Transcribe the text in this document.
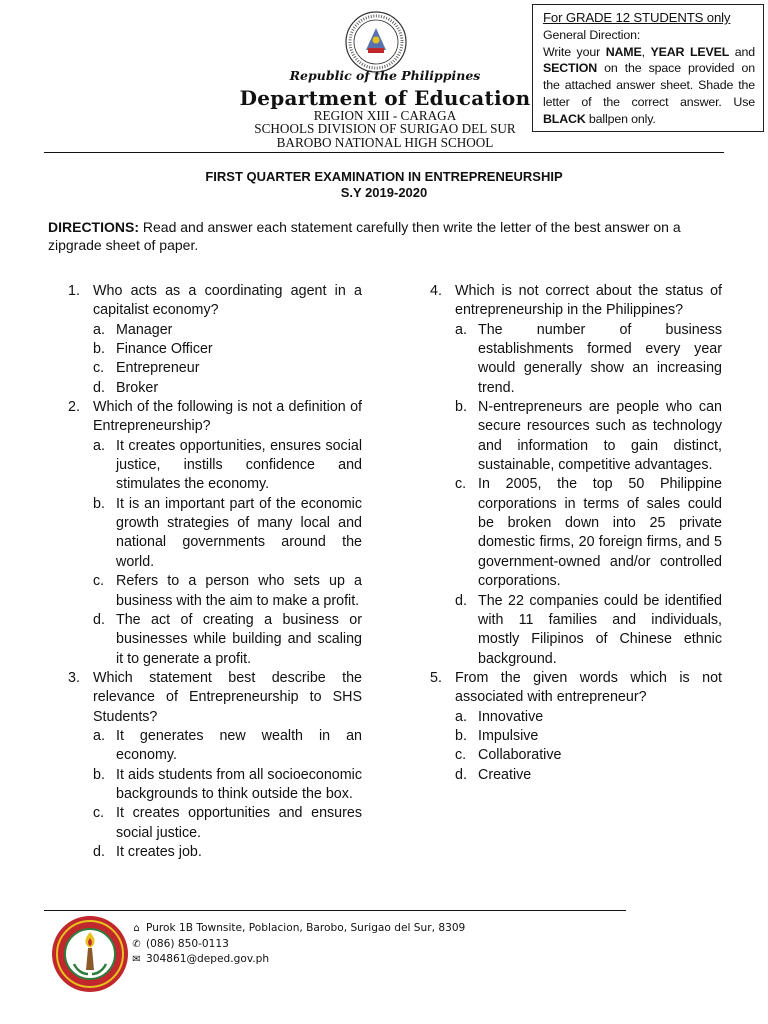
Republic of the Philippines
Department of Education
REGION XIII - CARAGA
SCHOOLS DIVISION OF SURIGAO DEL SUR
BAROBO NATIONAL HIGH SCHOOL
For GRADE 12 STUDENTS only
General Direction:
Write your NAME, YEAR LEVEL and SECTION on the space provided on the attached answer sheet. Shade the letter of the correct answer. Use BLACK ballpen only.
FIRST QUARTER EXAMINATION IN ENTREPRENEURSHIP
S.Y 2019-2020
DIRECTIONS: Read and answer each statement carefully then write the letter of the best answer on a zipgrade sheet of paper.
1. Who acts as a coordinating agent in a capitalist economy?
a. Manager
b. Finance Officer
c. Entrepreneur
d. Broker
2. Which of the following is not a definition of Entrepreneurship?
a. It creates opportunities, ensures social justice, instills confidence and stimulates the economy.
b. It is an important part of the economic growth strategies of many local and national governments around the world.
c. Refers to a person who sets up a business with the aim to make a profit.
d. The act of creating a business or businesses while building and scaling it to generate a profit.
3. Which statement best describe the relevance of Entrepreneurship to SHS Students?
a. It generates new wealth in an economy.
b. It aids students from all socioeconomic backgrounds to think outside the box.
c. It creates opportunities and ensures social justice.
d. It creates job.
4. Which is not correct about the status of entrepreneurship in the Philippines?
a. The number of business establishments formed every year would generally show an increasing trend.
b. N-entrepreneurs are people who can secure resources such as technology and information to gain distinct, sustainable, competitive advantages.
c. In 2005, the top 50 Philippine corporations in terms of sales could be broken down into 25 private domestic firms, 20 foreign firms, and 5 government-owned and/or controlled corporations.
d. The 22 companies could be identified with 11 families and individuals, mostly Filipinos of Chinese ethnic background.
5. From the given words which is not associated with entrepreneur?
a. Innovative
b. Impulsive
c. Collaborative
d. Creative
⌂ Purok 1B Townsite, Poblacion, Barobo, Surigao del Sur, 8309
✆ (086) 850-0113
✉ 304861@deped.gov.ph
